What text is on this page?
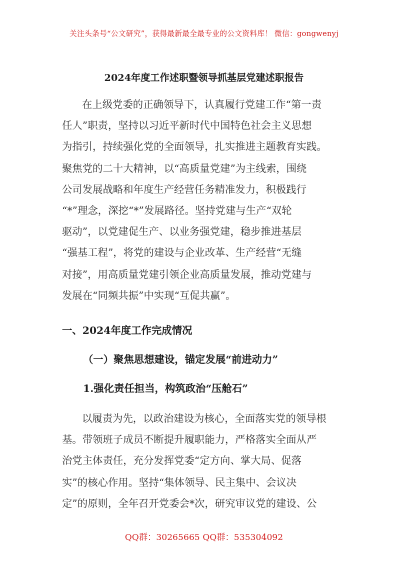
关注头条号“公文研究”，获得最新最全最专业的公文资料库！ 微信：gongwenyj
2024年度工作述职暨领导抓基层党建述职报告

在上级党委的正确领导下，认真履行党建工作“第一责

任人”职责，坚持以习近平新时代中国特色社会主义思想

为指引，持续强化党的全面领导，扎实推进主题教育实践。

聚焦党的二十大精神，以“高质量党建”为主线索，围绕

公司发展战略和年度生产经营任务精准发力，积极践行

“*”理念，深挖“*”发展路径。坚持党建与生产“双轮

驱动”，以党建促生产、以业务强党建，稳步推进基层

“强基工程”，将党的建设与企业改革、生产经营“无缝

对接”，用高质量党建引领企业高质量发展，推动党建与

发展在“同频共振”中实现“互促共赢”。

一、2024年度工作完成情况
（一）聚焦思想建设，锚定发展“前进动力”
1.强化责任担当，构筑政治“压舱石”

以履责为先，以政治建设为核心，全面落实党的领导根

基。带领班子成员不断提升履职能力，严格落实全面从严

治党主体责任，充分发挥党委“定方向、掌大局、促落

实”的核心作用。坚持“集体领导、民主集中、会议决

定”的原则，全年召开党委会*次，研究审议党的建设、公

QQ群：30265665 QQ群：535304092
